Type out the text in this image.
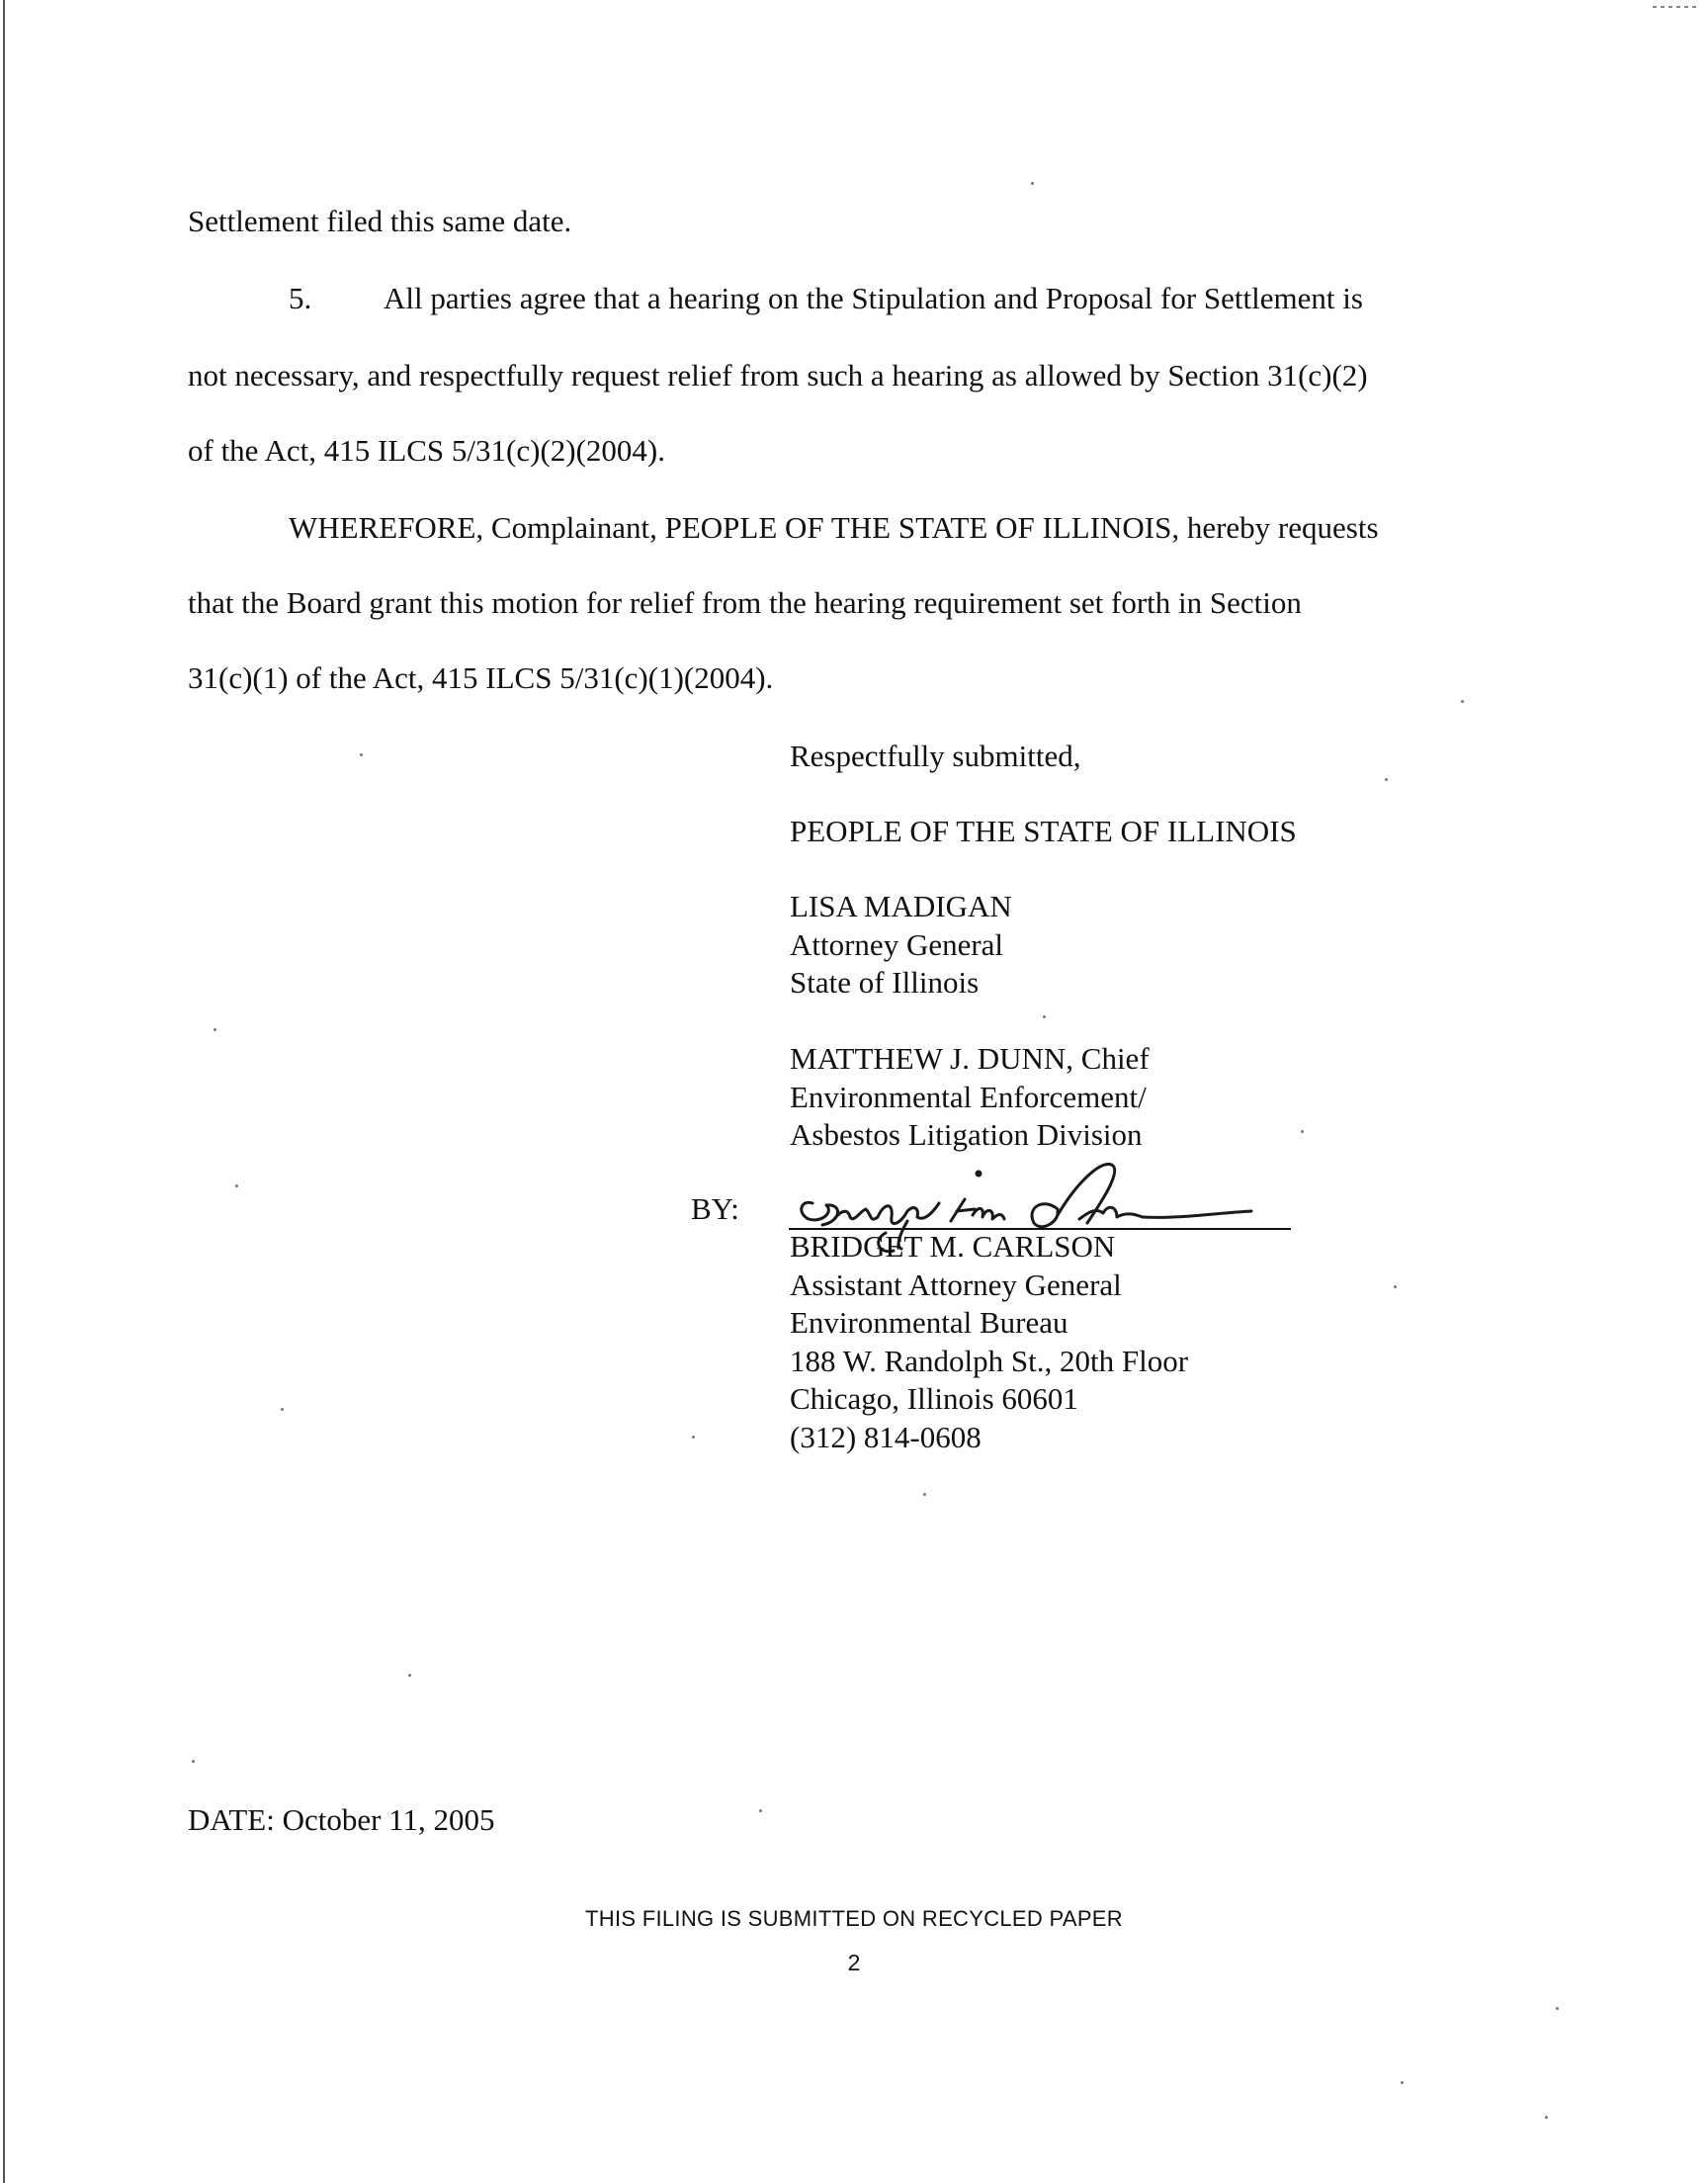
Settlement filed this same date.
5. All parties agree that a hearing on the Stipulation and Proposal for Settlement is
not necessary, and respectfully request relief from such a hearing as allowed by Section 31(c)(2)
of the Act, 415 ILCS 5/31(c)(2)(2004).
WHEREFORE, Complainant, PEOPLE OF THE STATE OF ILLINOIS, hereby requests
that the Board grant this motion for relief from the hearing requirement set forth in Section
31(c)(1) of the Act, 415 ILCS 5/31(c)(1)(2004).
Respectfully submitted,
PEOPLE OF THE STATE OF ILLINOIS
LISA MADIGAN
Attorney General
State of Illinois
MATTHEW J. DUNN, Chief
Environmental Enforcement/
Asbestos Litigation Division
BY:
BRIDGET M. CARLSON
Assistant Attorney General
Environmental Bureau
188 W. Randolph St., 20th Floor
Chicago, Illinois 60601
(312) 814-0608
DATE: October 11, 2005
THIS FILING IS SUBMITTED ON RECYCLED PAPER
2
